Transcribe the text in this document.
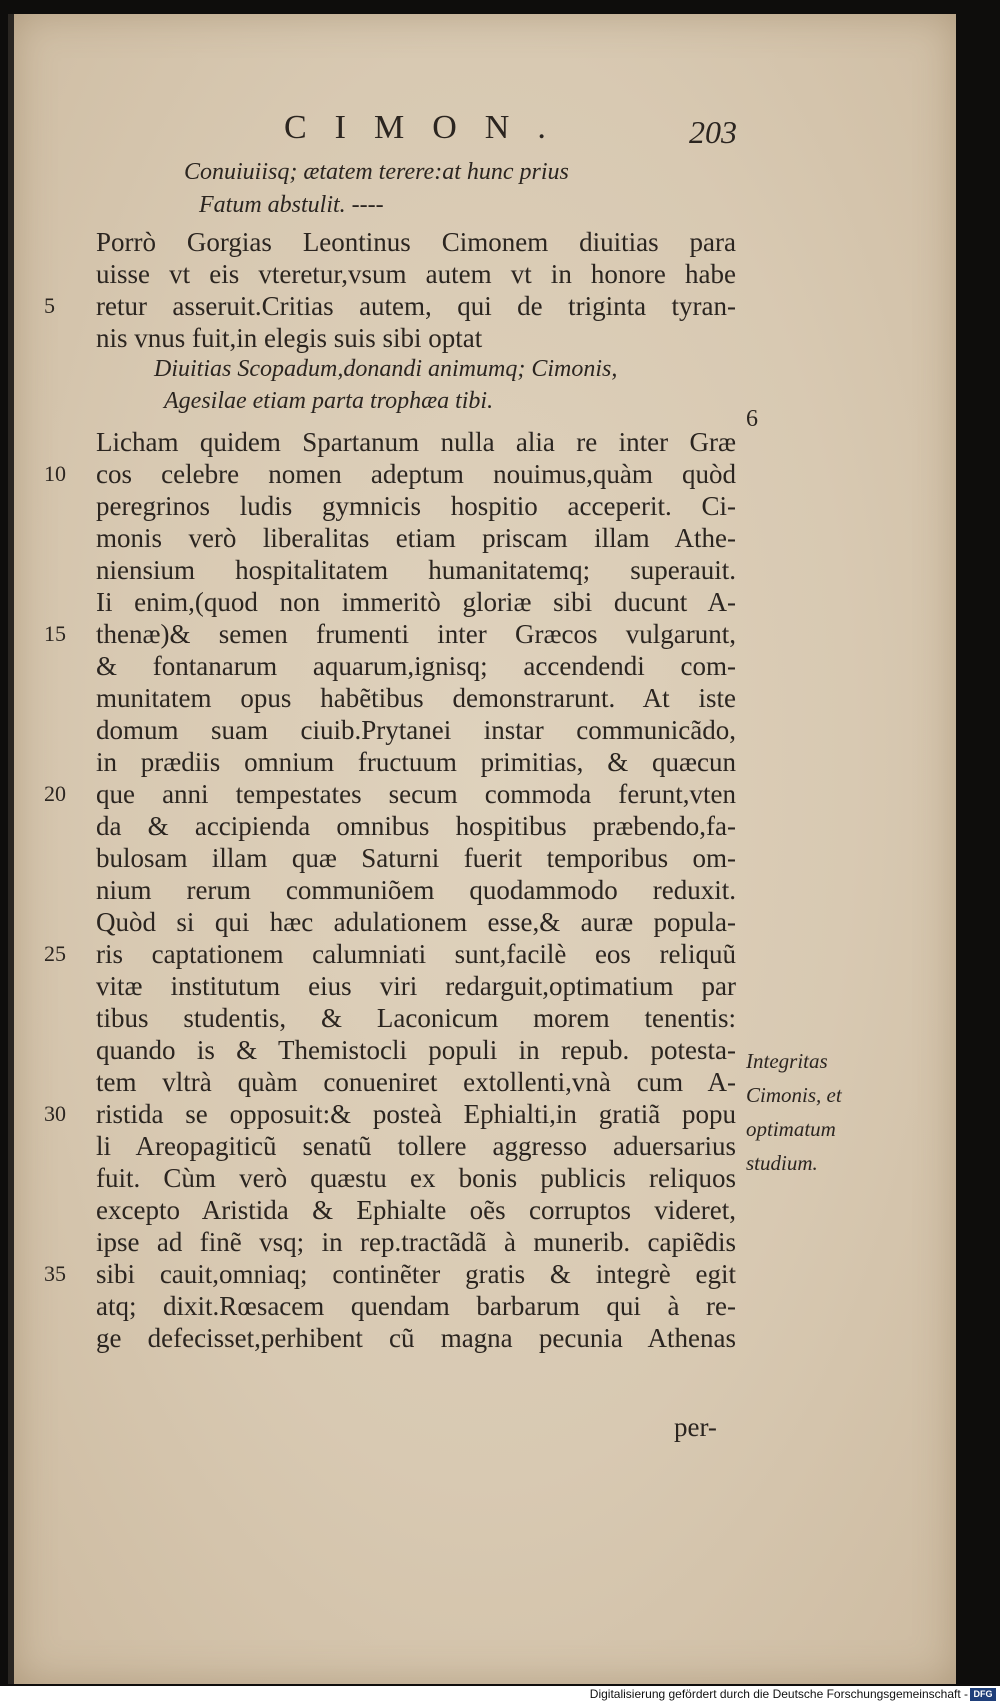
CIMON.	203
Conuiuiisq; ætatem terere:at hunc prius
Fatum abstulit. ----
Porrò Gorgias Leontinus Cimonem diuitias para
uisse vt eis vteretur,vsum autem vt in honore habe
retur asseruit.Critias autem, qui de triginta tyran-
nis vnus fuit,in elegis suis sibi optat
Diuitias Scopadum,donandi animumq; Cimonis,
Agesilae etiam parta trophæa tibi.
Licham quidem Spartanum nulla alia re inter Græ
cos celebre nomen adeptum nouimus,quàm quòd
peregrinos ludis gymnicis hospitio acceperit. Ci-
monis verò liberalitas etiam priscam illam Athe-
niensium hospitalitatem humanitatemq; superauit.
Ii enim,(quod non immeritò gloriæ sibi ducunt A-
thenæ)& semen frumenti inter Græcos vulgarunt,
& fontanarum aquarum,ignisq; accendendi com-
munitatem opus habẽtibus demonstrarunt. At iste
domum suam ciuib.Prytanei instar communicãdo,
in prædiis omnium fructuum primitias, & quæcun
que anni tempestates secum commoda ferunt,vten
da & accipienda omnibus hospitibus præbendo,fa-
bulosam illam quæ Saturni fuerit temporibus om-
nium rerum communiõem quodammodo reduxit.
Quòd si qui hæc adulationem esse,& auræ popula-
ris captationem calumniati sunt,facilè eos reliquũ
vitæ institutum eius viri redarguit,optimatium par
tibus studentis, & Laconicum morem tenentis:
quando is & Themistocli populi in repub. potesta-
tem vltrà quàm conueniret extollenti,vnà cum A-
ristida se opposuit:& posteà Ephialti,in gratiã popu
li Areopagiticũ senatũ tollere aggresso aduersarius
fuit. Cùm verò quæstu ex bonis publicis reliquos
excepto Aristida & Ephialte oẽs corruptos videret,
ipse ad finẽ vsq; in rep.tractãdã à munerib. capiẽdis
sibi cauit,omniaq; continẽter gratis & integrè egit
atq; dixit.Rœsacem quendam barbarum qui à re-
ge defecisset,perhibent cũ magna pecunia Athenas
5
10
15
20
25
30
35
6
Integritas
Cimonis, et
optimatum
studium.
per-
Digitalisierung gefördert durch die Deutsche Forschungsgemeinschaft - DFG
